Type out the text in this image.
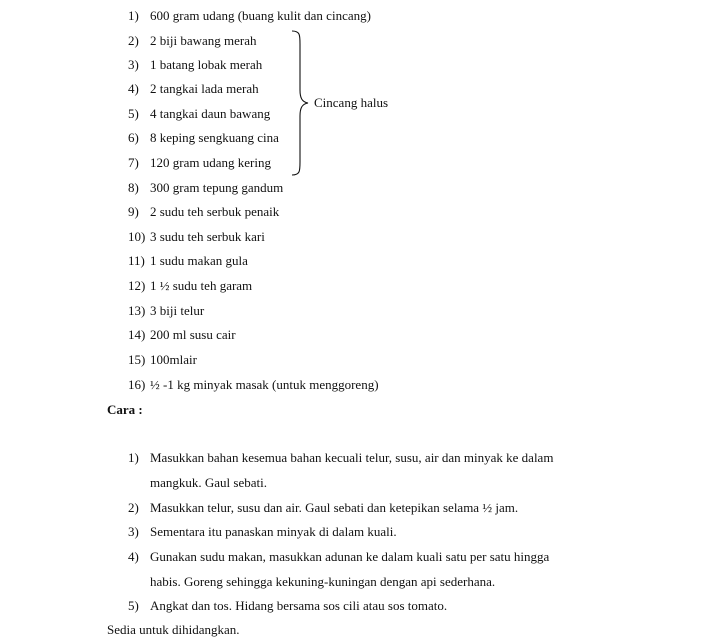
1) 600 gram udang (buang kulit dan cincang)
2) 2 biji bawang merah
3) 1 batang lobak merah
4) 2 tangkai lada merah
5) 4 tangkai daun bawang
6) 8 keping sengkuang cina
7) 120 gram udang kering
8) 300 gram tepung gandum
9) 2 sudu teh serbuk penaik
10) 3 sudu teh serbuk kari
11) 1 sudu makan gula
12) 1 ½ sudu teh garam
13) 3 biji telur
14) 200 ml susu cair
15) 100mlair
16) ½ -1 kg minyak masak (untuk menggoreng)
Cincang halus
Cara :
1) Masukkan bahan kesemua bahan kecuali telur, susu, air dan minyak ke dalam
mangkuk. Gaul sebati.
2) Masukkan telur, susu dan air. Gaul sebati dan ketepikan selama ½ jam.
3) Sementara itu panaskan minyak di dalam kuali.
4) Gunakan sudu makan, masukkan adunan ke dalam kuali satu per satu hingga
habis. Goreng sehingga kekuning-kuningan dengan api sederhana.
5) Angkat dan tos. Hidang bersama sos cili atau sos tomato.
Sedia untuk dihidangkan.
